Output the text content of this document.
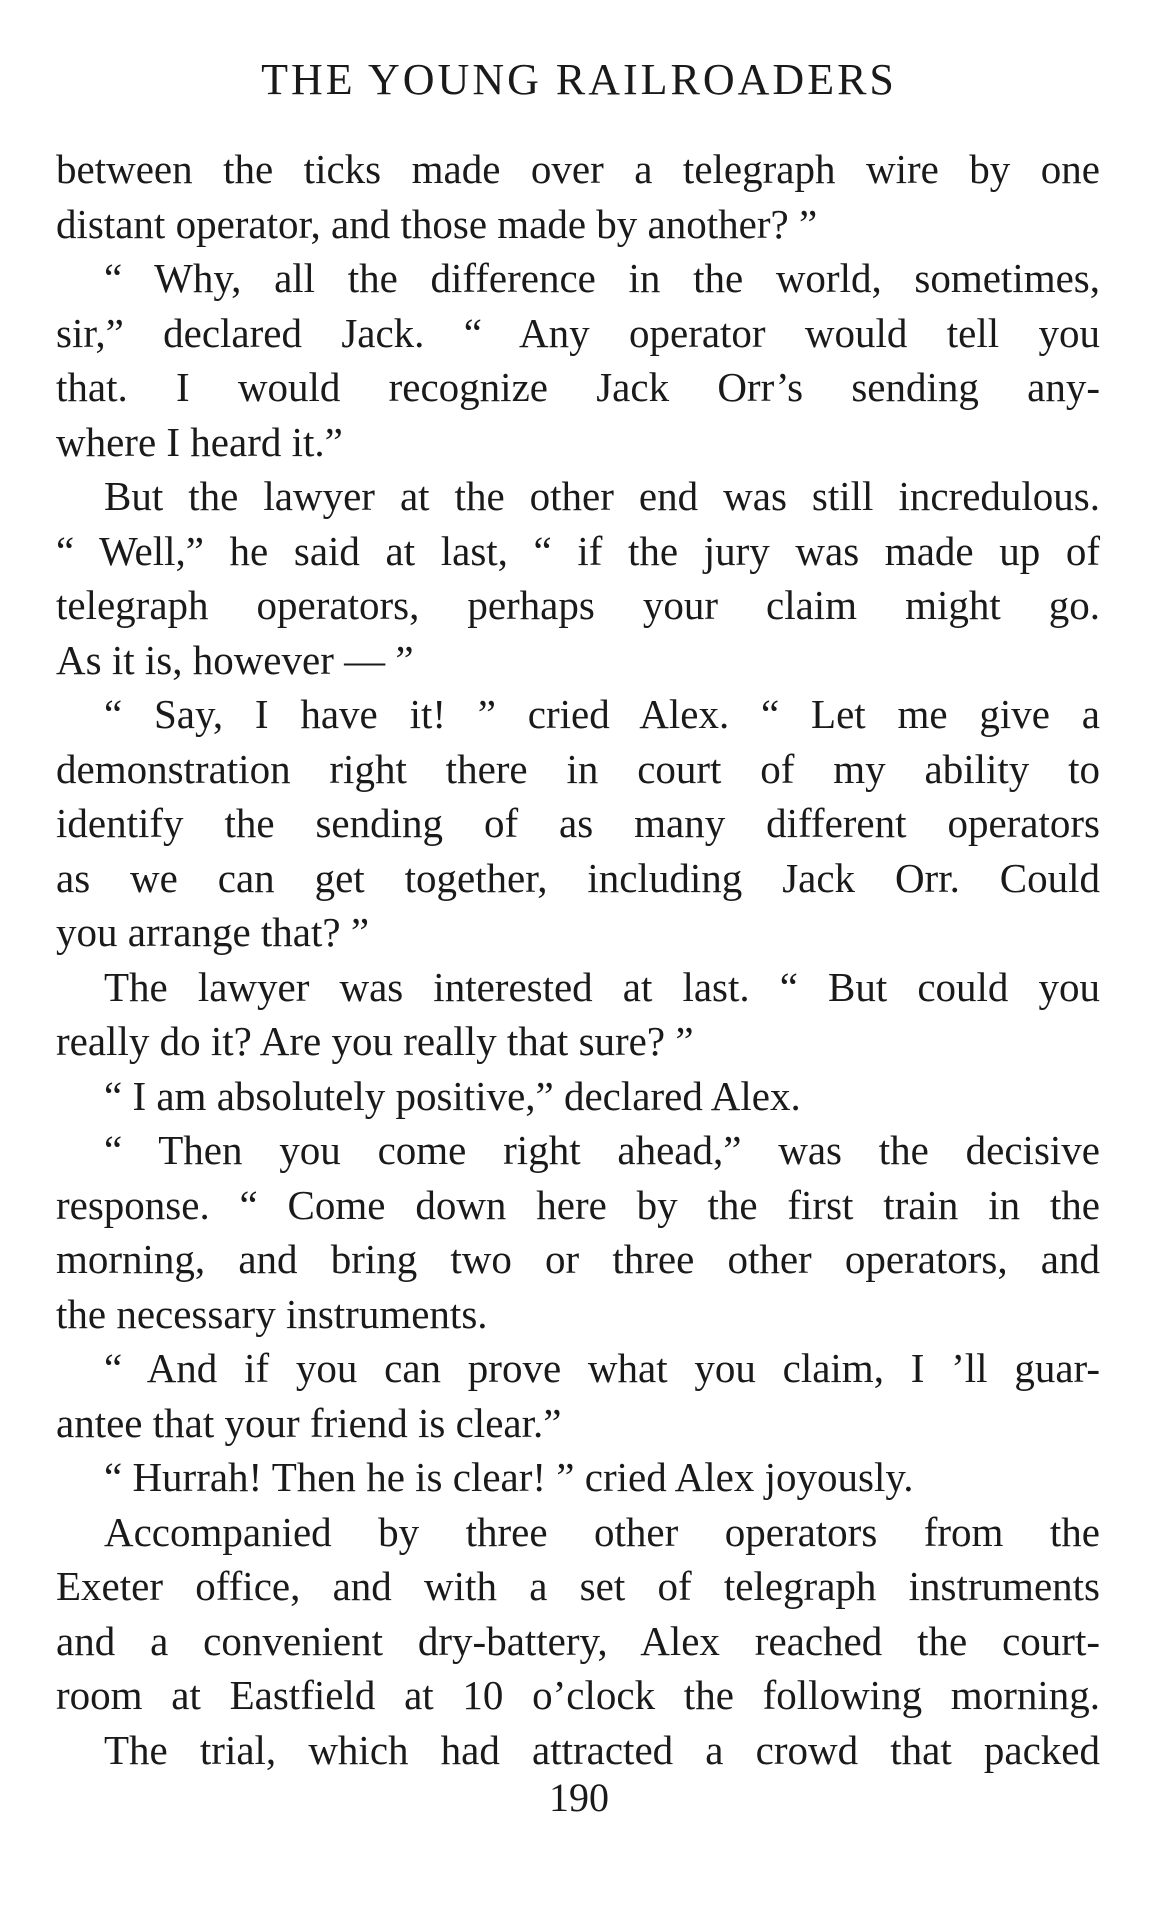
THE YOUNG RAILROADERS
between the ticks made over a telegraph wire by one
distant operator, and those made by another? ”
“ Why, all the difference in the world, sometimes,
sir,” declared Jack. “ Any operator would tell you
that. I would recognize Jack Orr’s sending any-
where I heard it.”
But the lawyer at the other end was still incredulous.
“ Well,” he said at last, “ if the jury was made up of
telegraph operators, perhaps your claim might go.
As it is, however — ”
“ Say, I have it! ” cried Alex. “ Let me give a
demonstration right there in court of my ability to
identify the sending of as many different operators
as we can get together, including Jack Orr. Could
you arrange that? ”
The lawyer was interested at last. “ But could you
really do it? Are you really that sure? ”
“ I am absolutely positive,” declared Alex.
“ Then you come right ahead,” was the decisive
response. “ Come down here by the first train in the
morning, and bring two or three other operators, and
the necessary instruments.
“ And if you can prove what you claim, I ’ll guar-
antee that your friend is clear.”
“ Hurrah! Then he is clear! ” cried Alex joyously.
Accompanied by three other operators from the
Exeter office, and with a set of telegraph instruments
and a convenient dry-battery, Alex reached the court-
room at Eastfield at 10 o’clock the following morning.
The trial, which had attracted a crowd that packed
190
